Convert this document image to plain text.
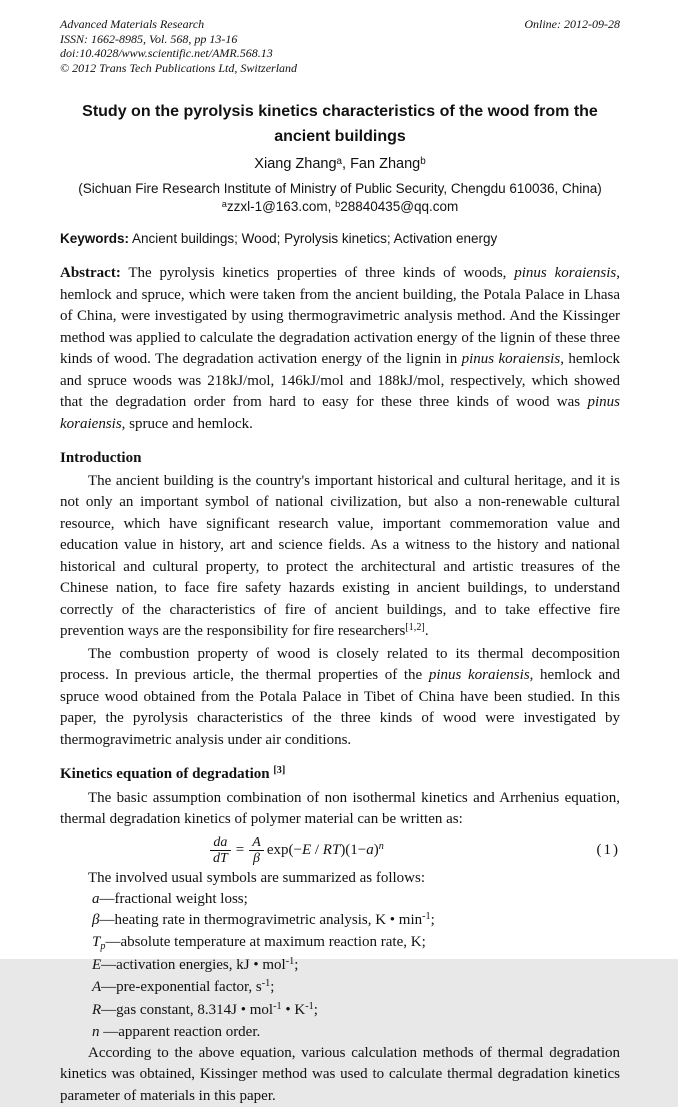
Advanced Materials Research
ISSN: 1662-8985, Vol. 568, pp 13-16
doi:10.4028/www.scientific.net/AMR.568.13
© 2012 Trans Tech Publications Ltd, Switzerland
Online: 2012-09-28
Study on the pyrolysis kinetics characteristics of the wood from the ancient buildings
Xiang Zhang$^a$, Fan Zhang$^b$
(Sichuan Fire Research Institute of Ministry of Public Security, Chengdu 610036, China)
$^a$zzxl-1@163.com, $^b$28840435@qq.com
Keywords: Ancient buildings; Wood; Pyrolysis kinetics; Activation energy
Abstract: The pyrolysis kinetics properties of three kinds of woods, pinus koraiensis, hemlock and spruce, which were taken from the ancient building, the Potala Palace in Lhasa of China, were investigated by using thermogravimetric analysis method. And the Kissinger method was applied to calculate the degradation activation energy of the lignin of these three kinds of wood. The degradation activation energy of the lignin in pinus koraiensis, hemlock and spruce woods was 218kJ/mol, 146kJ/mol and 188kJ/mol, respectively, which showed that the degradation order from hard to easy for these three kinds of wood was pinus koraiensis, spruce and hemlock.
Introduction
The ancient building is the country's important historical and cultural heritage, and it is not only an important symbol of national civilization, but also a non-renewable cultural resource, which have significant research value, important commemoration value and education value in history, art and science fields. As a witness to the history and national historical and cultural property, to protect the architectural and artistic treasures of the Chinese nation, to face fire safety hazards existing in ancient buildings, to understand correctly of the characteristics of fire of ancient buildings, and to take effective fire prevention ways are the responsibility for fire researchers[1,2].
The combustion property of wood is closely related to its thermal decomposition process. In previous article, the thermal properties of the pinus koraiensis, hemlock and spruce wood obtained from the Potala Palace in Tibet of China have been studied. In this paper, the pyrolysis characteristics of the three kinds of wood were investigated by thermogravimetric analysis under air conditions.
Kinetics equation of degradation [3]
The basic assumption combination of non isothermal kinetics and Arrhenius equation, thermal degradation kinetics of polymer material can be written as:
$\frac{da}{dT} = \frac{A}{\beta} \exp(-E / RT)(1-a)^n$	(1)
The involved usual symbols are summarized as follows:
a—fractional weight loss;
β—heating rate in thermogravimetric analysis, K • $\min^{-1}$;
Tp—absolute temperature at maximum reaction rate, K;
E—activation energies, kJ • mol$^{-1}$;
A—pre-exponential factor, $s^{-1}$;
R—gas constant, 8.314J • mol$^{-1}$ • $K^{-1}$;
n —apparent reaction order.
According to the above equation, various calculation methods of thermal degradation kinetics was obtained, Kissinger method was used to calculate thermal degradation kinetics parameter of materials in this paper.
